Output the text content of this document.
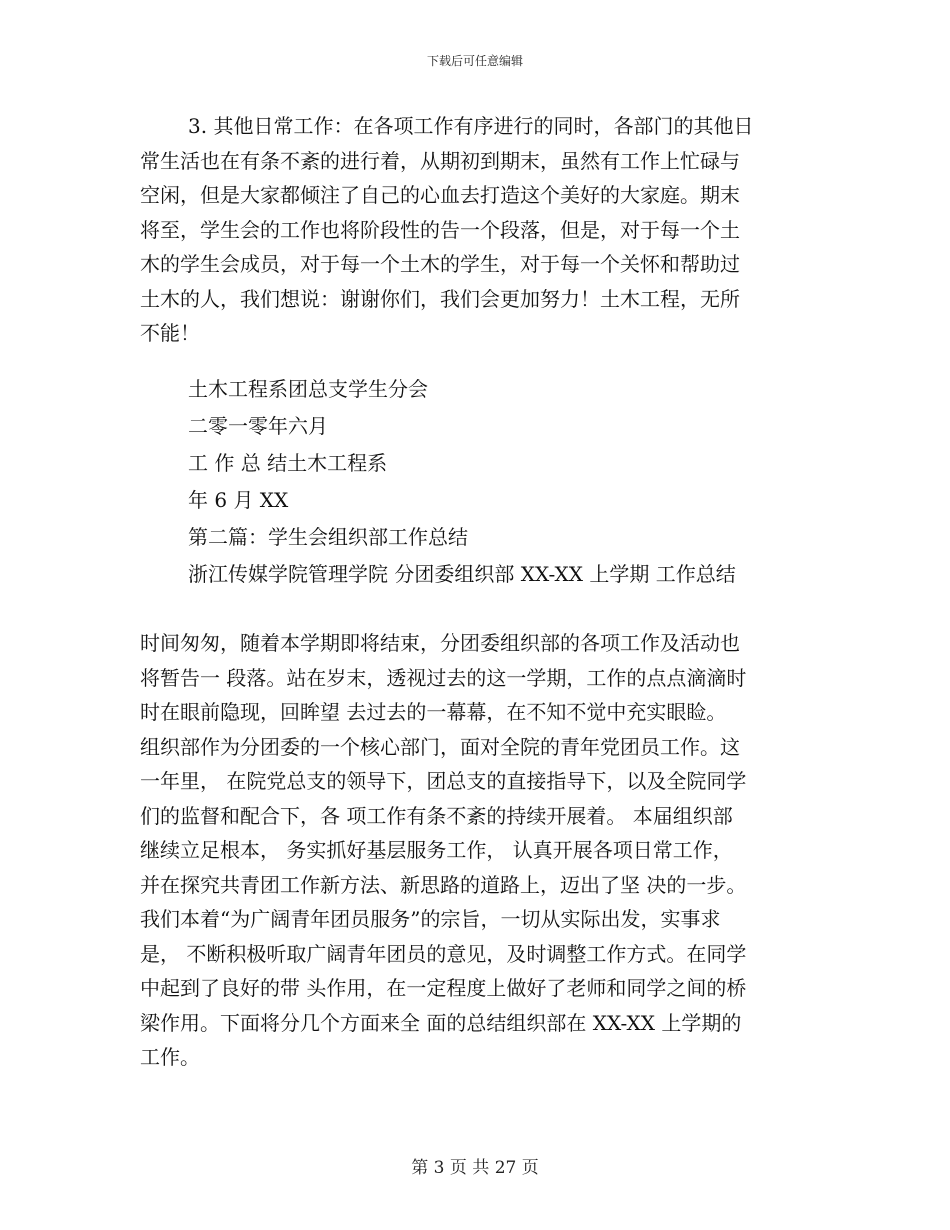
下载后可任意编辑
3. 其他日常工作：在各项工作有序进行的同时，各部门的其他日
常生活也在有条不紊的进行着，从期初到期末，虽然有工作上忙碌与
空闲，但是大家都倾注了自己的心血去打造这个美好的大家庭。期末
将至，学生会的工作也将阶段性的告一个段落，但是，对于每一个土
木的学生会成员，对于每一个土木的学生，对于每一个关怀和帮助过
土木的人，我们想说：谢谢你们，我们会更加努力！土木工程，无所
不能！
土木工程系团总支学生分会
二零一零年六月
工 作 总 结土木工程系
年 6 月 XX
第二篇：学生会组织部工作总结
浙江传媒学院管理学院 分团委组织部 XX-XX 上学期 工作总结
时间匆匆，随着本学期即将结束，分团委组织部的各项工作及活动也
将暂告一 段落。站在岁末，透视过去的这一学期，工作的点点滴滴时
时在眼前隐现，回眸望 去过去的一幕幕，在不知不觉中充实眼睑。
组织部作为分团委的一个核心部门，面对全院的青年党团员工作。这
一年里， 在院党总支的领导下，团总支的直接指导下，以及全院同学
们的监督和配合下，各 项工作有条不紊的持续开展着。 本届组织部
继续立足根本， 务实抓好基层服务工作， 认真开展各项日常工作，
并在探究共青团工作新方法、新思路的道路上，迈出了坚 决的一步。
我们本着“为广阔青年团员服务”的宗旨，一切从实际出发，实事求
是， 不断积极听取广阔青年团员的意见，及时调整工作方式。在同学
中起到了良好的带 头作用，在一定程度上做好了老师和同学之间的桥
梁作用。下面将分几个方面来全 面的总结组织部在 XX-XX 上学期的
工作。
第 3 页 共 27 页
